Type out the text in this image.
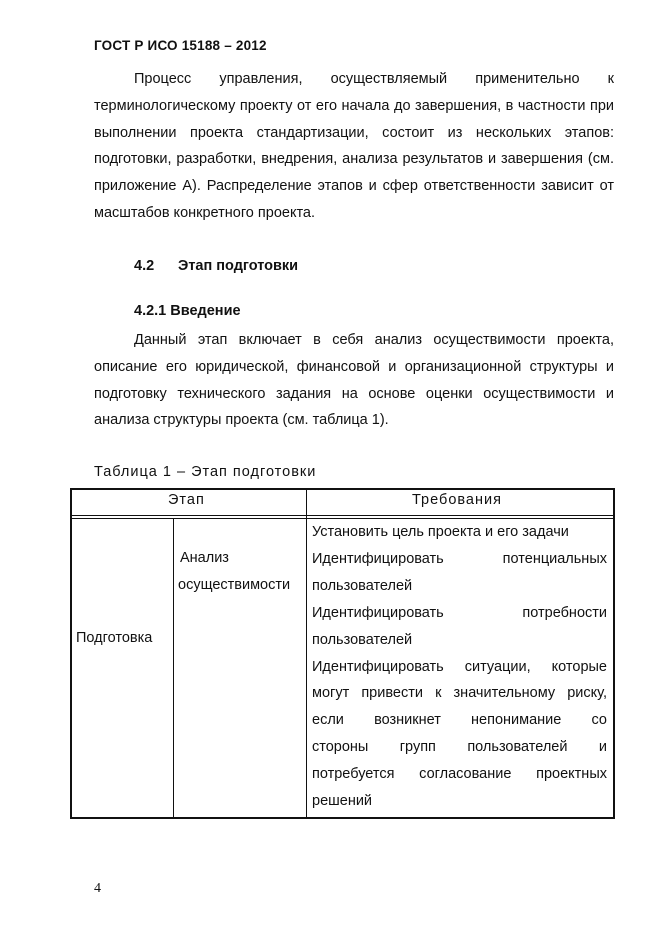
ГОСТ Р ИСО 15188 – 2012
Процесс управления, осуществляемый применительно к терминологическому проекту от его начала до завершения, в частности при выполнении проекта стандартизации, состоит из нескольких этапов: подготовки, разработки, внедрения, анализа результатов и завершения (см. приложение А). Распределение этапов и сфер ответственности зависит от масштабов конкретного проекта.
4.2 Этап подготовки
4.2.1 Введение
Данный этап включает в себя анализ осуществимости проекта, описание его юридической, финансовой и организационной структуры и подготовку технического задания на основе оценки осуществимости и анализа структуры проекта (см. таблица 1).
Таблица 1 – Этап подготовки
Этап	Требования
Подготовка
Анализ
осуществимости
Установить цель проекта и его задачи
Идентифицировать потенциальных
пользователей
Идентифицировать потребности
пользователей
Идентифицировать ситуации, которые
могут привести к значительному риску,
если возникнет непонимание со
стороны групп пользователей и
потребуется согласование проектных
решений
4
